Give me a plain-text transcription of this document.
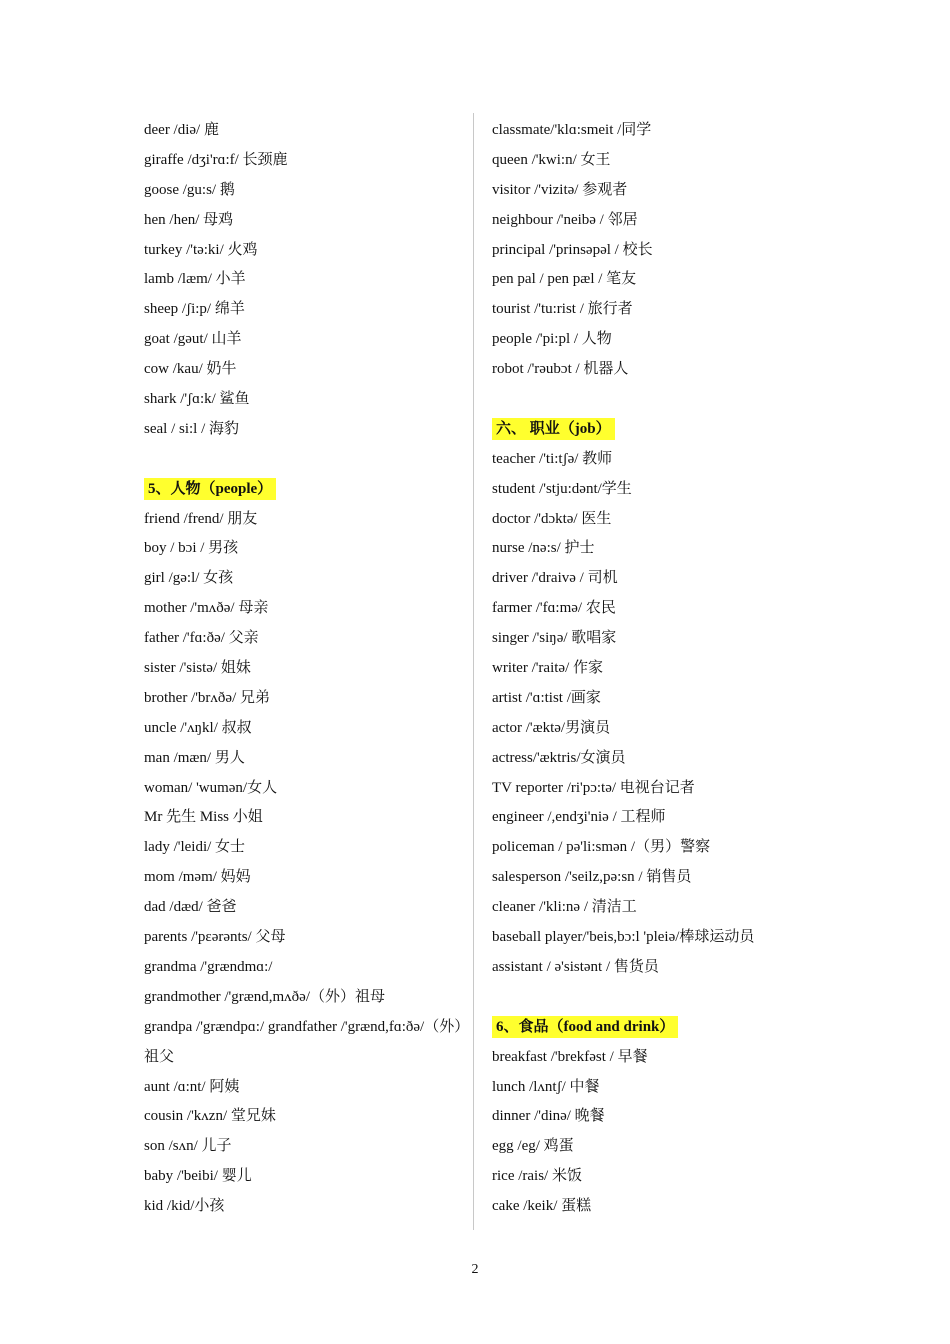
deer /diə/ 鹿
giraffe /dʒi'rɑ:f/ 长颈鹿
goose /gu:s/ 鹅
hen /hen/ 母鸡
turkey /'tə:ki/ 火鸡
lamb /læm/ 小羊
sheep /ʃi:p/ 绵羊
goat /gəut/ 山羊
cow /kau/ 奶牛
shark /'ʃɑ:k/ 鲨鱼
seal / si:l / 海豹
5、人物（people）
friend /frend/ 朋友
boy / bɔi / 男孩
girl /gə:l/ 女孩
mother /'mʌðə/ 母亲
father /'fɑ:ðə/ 父亲
sister /'sistə/ 姐妹
brother /'brʌðə/ 兄弟
uncle /'ʌŋkl/ 叔叔
man /mæn/ 男人
woman/ 'wumən/女人
Mr 先生 Miss 小姐
lady /'leidi/ 女士
mom /məm/ 妈妈
dad /dæd/ 爸爸
parents /'pεərənts/ 父母
grandma /'grændmɑ:/
grandmother /'grænd,mʌðə/（外）祖母
grandpa /'grændpɑ:/ grandfather /'grænd,fɑ:ðə/（外）祖父
aunt /ɑ:nt/ 阿姨
cousin /'kʌzn/ 堂兄妹
son /sʌn/ 儿子
baby /'beibi/ 婴儿
kid /kid/小孩
classmate/'klɑ:smeit /同学
queen /'kwi:n/ 女王
visitor /'vizitə/ 参观者
neighbour /'neibə / 邻居
principal /'prinsəpəl / 校长
pen pal / pen pæl / 笔友
tourist /'tu:rist / 旅行者
people /'pi:pl / 人物
robot /'rəubɔt / 机器人
六、 职业（job）
teacher /'ti:tʃə/ 教师
student /'stju:dənt/学生
doctor /'dɔktə/ 医生
nurse /nə:s/ 护士
driver /'draivə / 司机
farmer /'fɑ:mə/ 农民
singer /'siŋə/ 歌唱家
writer /'raitə/ 作家
artist /'ɑ:tist /画家
actor /'æktə/男演员
actress/'æktris/女演员
TV reporter /ri'pɔ:tə/ 电视台记者
engineer /,endʒi'niə / 工程师
policeman / pə'li:smən /（男）警察
salesperson /'seilz,pə:sn / 销售员
cleaner /'kli:nə / 清洁工
baseball player/'beis,bɔ:l 'pleiə/棒球运动员
assistant / ə'sistənt / 售货员
6、食品（food and drink）
breakfast /'brekfəst / 早餐
lunch /lʌntʃ/ 中餐
dinner /'dinə/ 晚餐
egg /eg/ 鸡蛋
rice /rais/ 米饭
cake /keik/ 蛋糕
2
